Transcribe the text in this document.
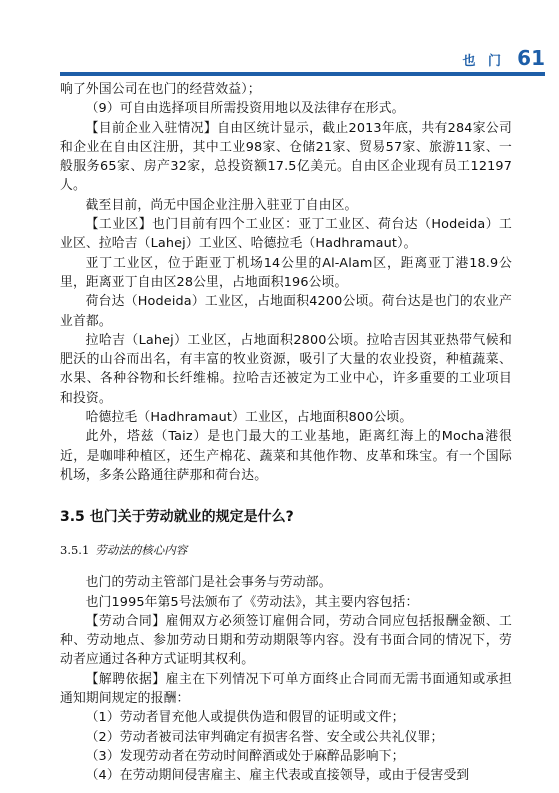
也 门 61

响了外国公司在也门的经营效益）；

（9）可自由选择项目所需投资用地以及法律存在形式。

【目前企业入驻情况】自由区统计显示，截止2013年底，共有284家公司和企业在自由区注册，其中工业98家、仓储21家、贸易57家、旅游11家、一般服务65家、房产32家，总投资额17.5亿美元。自由区企业现有员工12197人。

截至目前，尚无中国企业注册入驻亚丁自由区。

【工业区】也门目前有四个工业区：亚丁工业区、荷台达（Hodeida）工业区、拉哈吉（Lahej）工业区、哈德拉毛（Hadhramaut）。

亚丁工业区，位于距亚丁机场14公里的Al-Alam区，距离亚丁港18.9公里，距离亚丁自由区28公里，占地面积196公顷。

荷台达（Hodeida）工业区，占地面积4200公顷。荷台达是也门的农业产业首都。

拉哈吉（Lahej）工业区，占地面积2800公顷。拉哈吉因其亚热带气候和肥沃的山谷而出名，有丰富的牧业资源，吸引了大量的农业投资，种植蔬菜、水果、各种谷物和长纤维棉。拉哈吉还被定为工业中心，许多重要的工业项目和投资。

哈德拉毛（Hadhramaut）工业区，占地面积800公顷。

此外，塔兹（Taiz）是也门最大的工业基地，距离红海上的Mocha港很近，是咖啡种植区，还生产棉花、蔬菜和其他作物、皮革和珠宝。有一个国际机场，多条公路通往萨那和荷台达。

3.5 也门关于劳动就业的规定是什么?
3.5.1 劳动法的核心内容

也门的劳动主管部门是社会事务与劳动部。

也门1995年第5号法颁布了《劳动法》，其主要内容包括：

【劳动合同】雇佣双方必须签订雇佣合同，劳动合同应包括报酬金额、工种、劳动地点、参加劳动日期和劳动期限等内容。没有书面合同的情况下，劳动者应通过各种方式证明其权利。

【解聘依据】雇主在下列情况下可单方面终止合同而无需书面通知或承担通知期间规定的报酬：

（1）劳动者冒充他人或提供伪造和假冒的证明或文件；

（2）劳动者被司法审判确定有损害名誉、安全或公共礼仪罪；

（3）发现劳动者在劳动时间醉酒或处于麻醉品影响下；

（4）在劳动期间侵害雇主、雇主代表或直接领导，或由于侵害受到
